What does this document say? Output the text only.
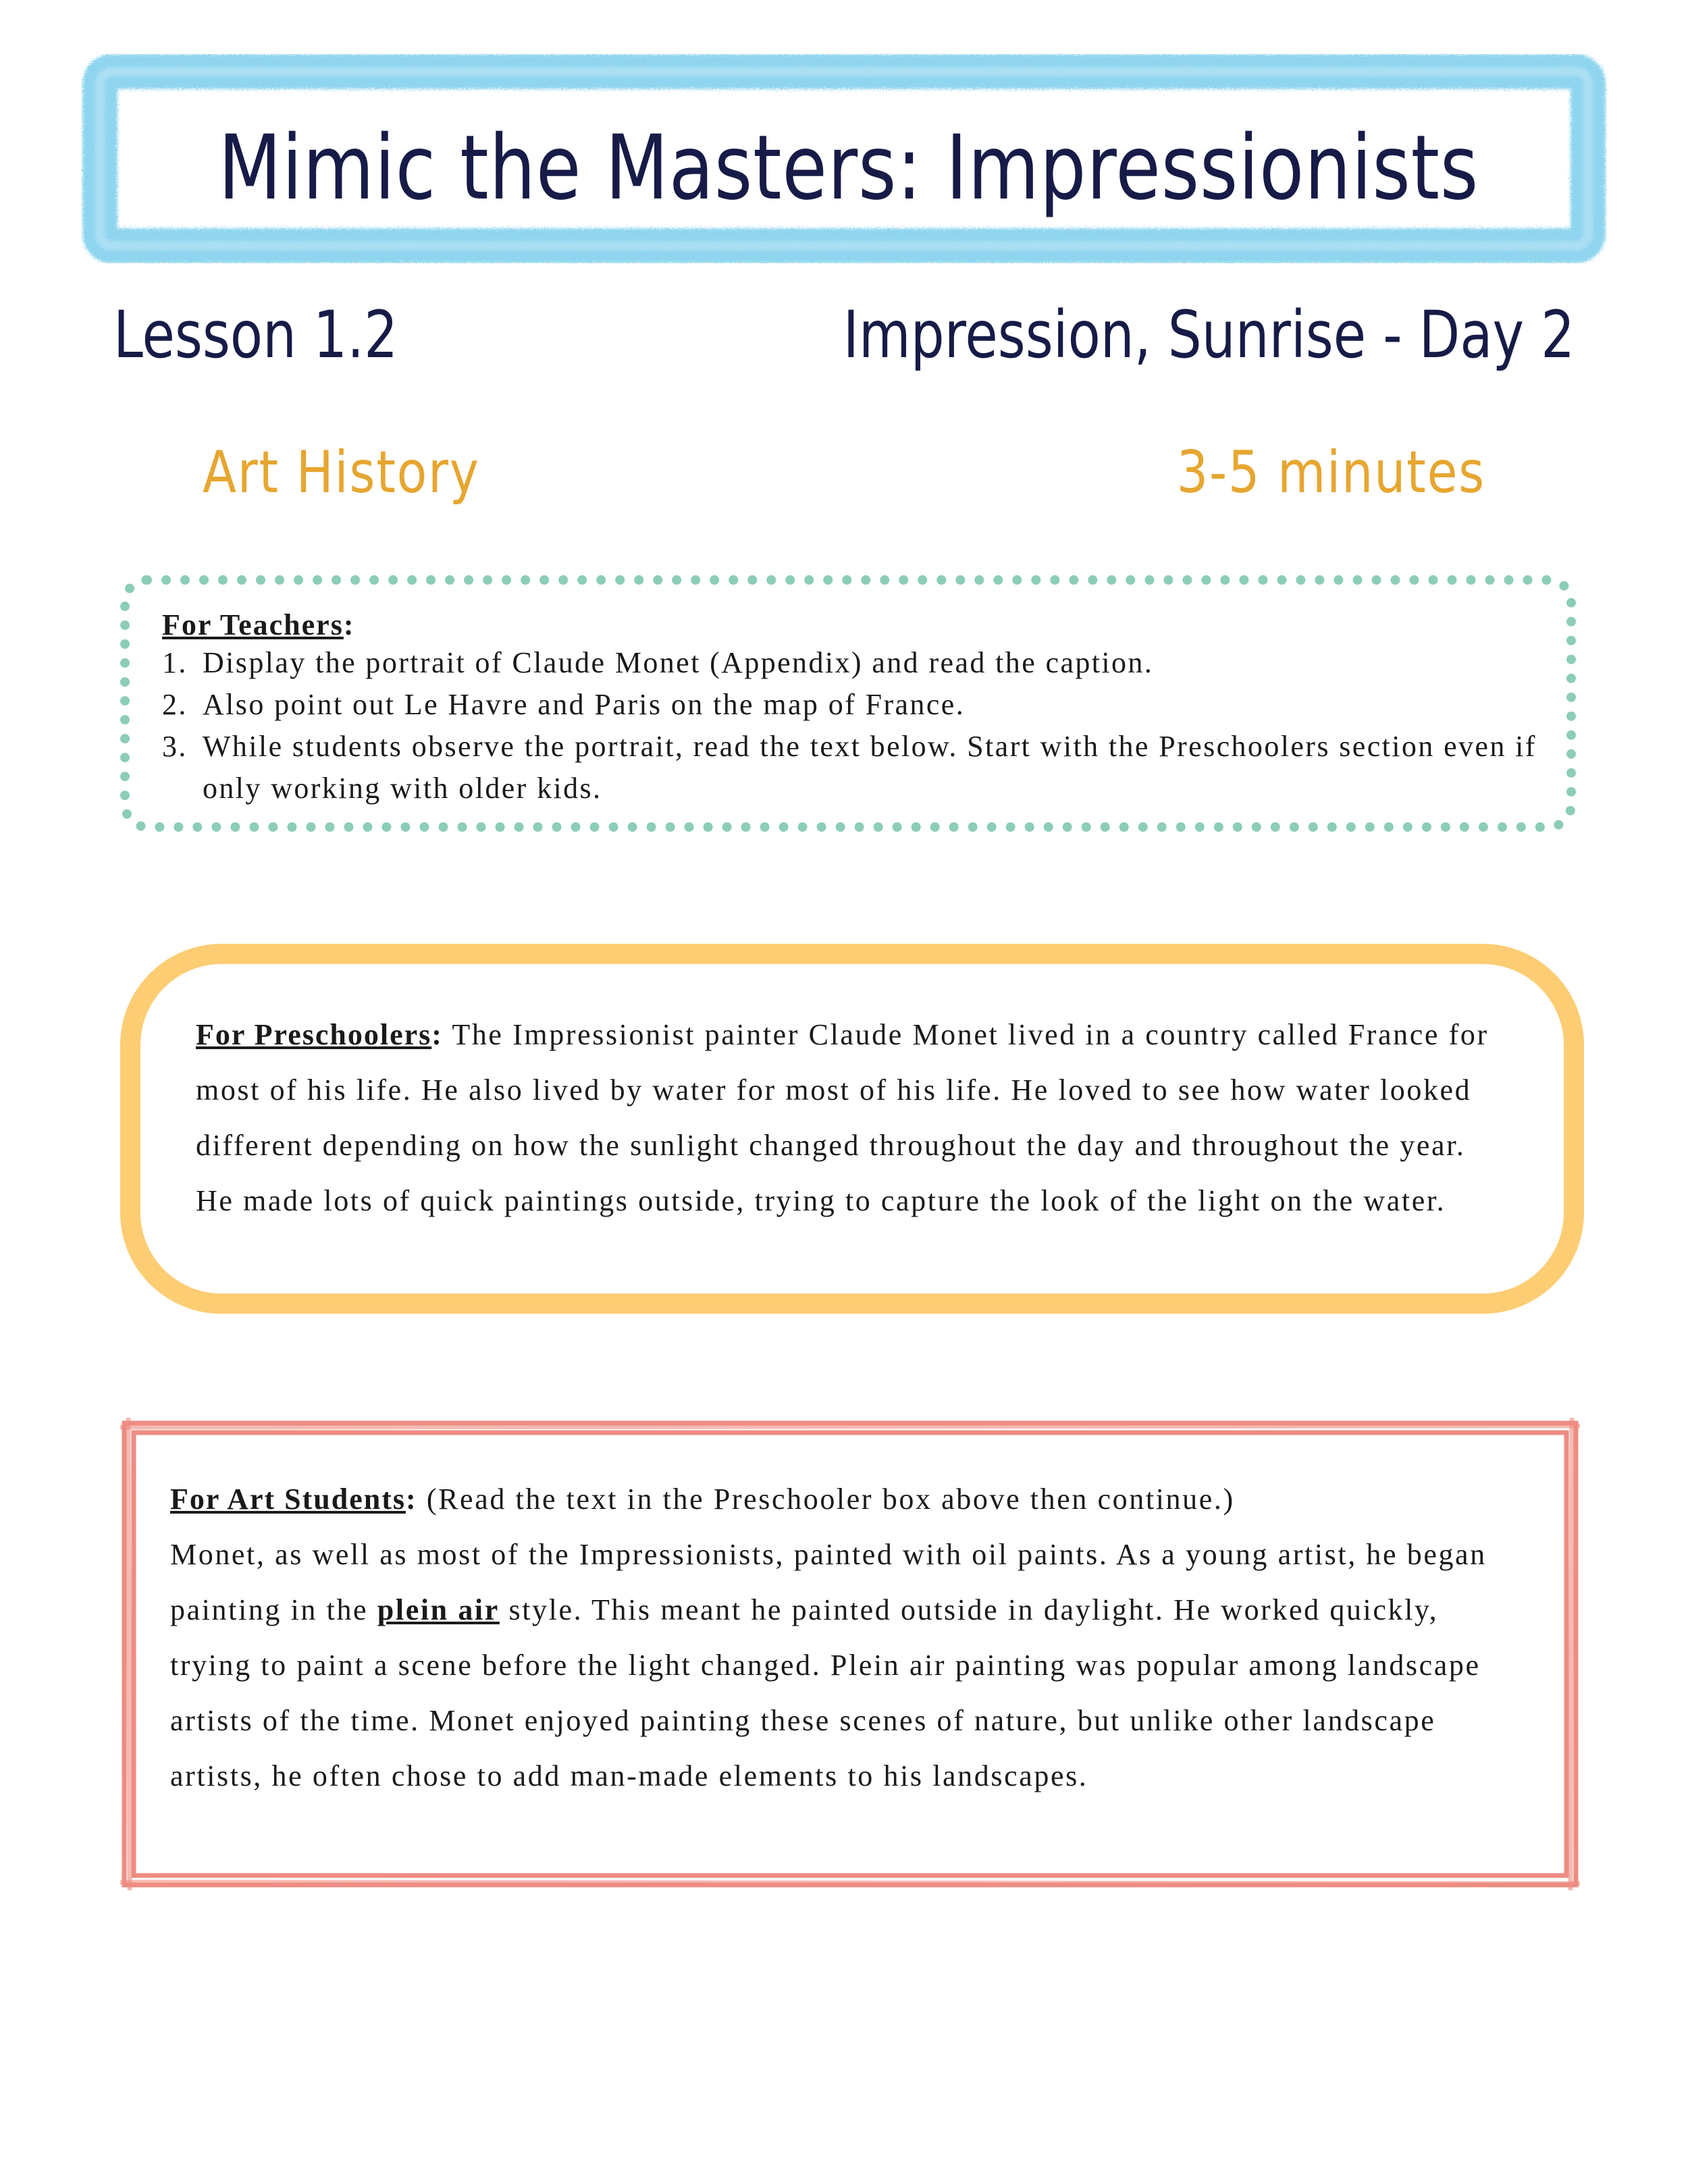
Mimic the Masters: Impressionists
Lesson 1.2	Impression, Sunrise - Day 2
Art History	3-5 minutes
For Teachers:
1. Display the portrait of Claude Monet (Appendix) and read the caption.
2. Also point out Le Havre and Paris on the map of France.
3. While students observe the portrait, read the text below. Start with the Preschoolers section even if only working with older kids.

For Preschoolers: The Impressionist painter Claude Monet lived in a country called France for most of his life. He also lived by water for most of his life. He loved to see how water looked different depending on how the sunlight changed throughout the day and throughout the year. He made lots of quick paintings outside, trying to capture the look of the light on the water.

For Art Students: (Read the text in the Preschooler box above then continue.)

Monet, as well as most of the Impressionists, painted with oil paints. As a young artist, he began painting in the plein air style. This meant he painted outside in daylight. He worked quickly, trying to paint a scene before the light changed. Plein air painting was popular among landscape artists of the time. Monet enjoyed painting these scenes of nature, but unlike other landscape artists, he often chose to add man-made elements to his landscapes.
